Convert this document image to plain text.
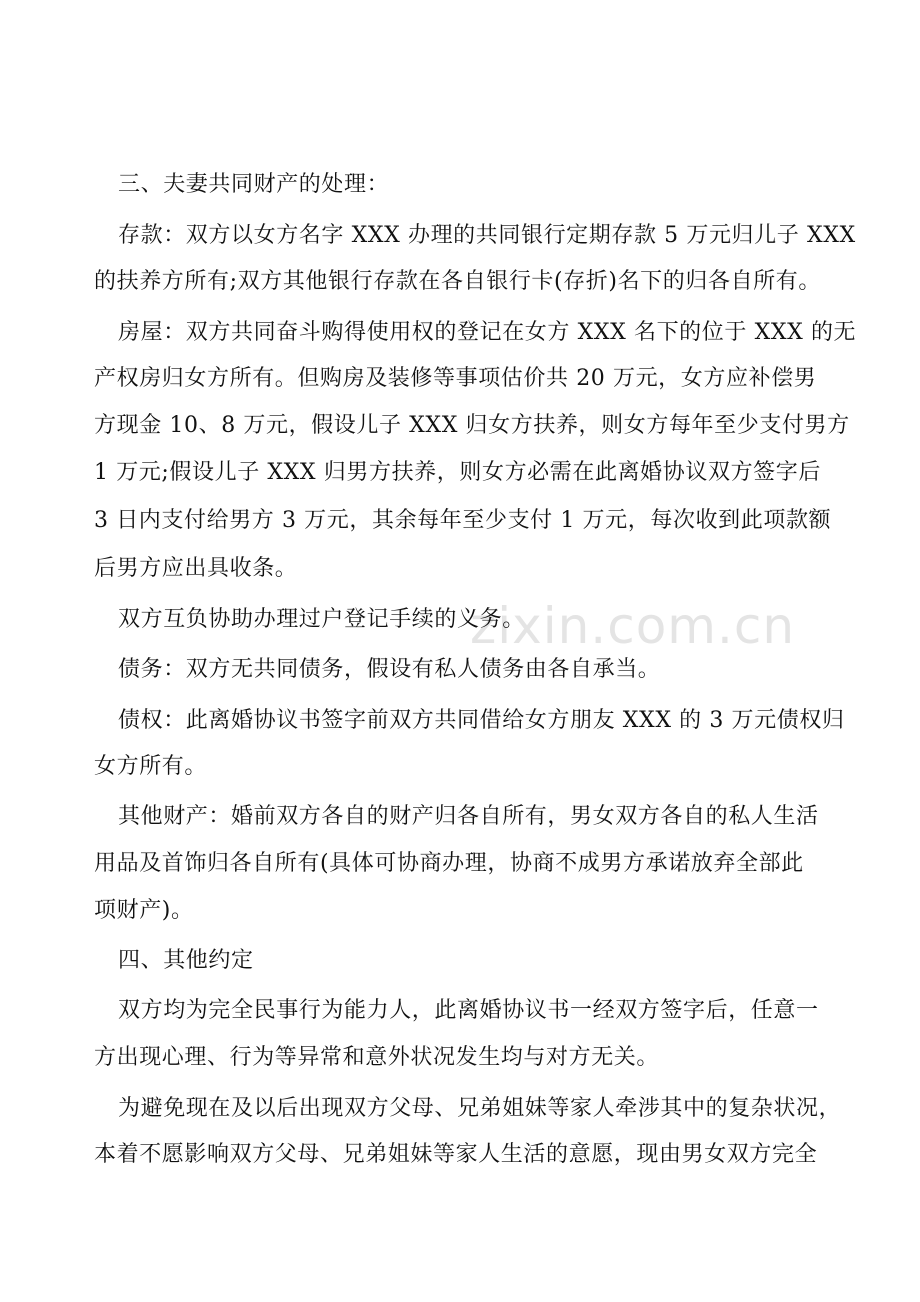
zixin.com.cn
三、夫妻共同财产的处理：
存款：双方以女方名字 XXX 办理的共同银行定期存款 5 万元归儿子 XXX
的扶养方所有;双方其他银行存款在各自银行卡(存折)名下的归各自所有。
房屋：双方共同奋斗购得使用权的登记在女方 XXX 名下的位于 XXX 的无
产权房归女方所有。但购房及装修等事项估价共 20 万元，女方应补偿男
方现金 10、8 万元，假设儿子 XXX 归女方扶养，则女方每年至少支付男方
1 万元;假设儿子 XXX 归男方扶养，则女方必需在此离婚协议双方签字后
3 日内支付给男方 3 万元，其余每年至少支付 1 万元，每次收到此项款额
后男方应出具收条。
双方互负协助办理过户登记手续的义务。
债务：双方无共同债务，假设有私人债务由各自承当。
债权：此离婚协议书签字前双方共同借给女方朋友 XXX 的 3 万元债权归
女方所有。
其他财产：婚前双方各自的财产归各自所有，男女双方各自的私人生活
用品及首饰归各自所有(具体可协商办理，协商不成男方承诺放弃全部此
项财产)。
四、其他约定
双方均为完全民事行为能力人，此离婚协议书一经双方签字后，任意一
方出现心理、行为等异常和意外状况发生均与对方无关。
为避免现在及以后出现双方父母、兄弟姐妹等家人牵涉其中的复杂状况，
本着不愿影响双方父母、兄弟姐妹等家人生活的意愿，现由男女双方完全
